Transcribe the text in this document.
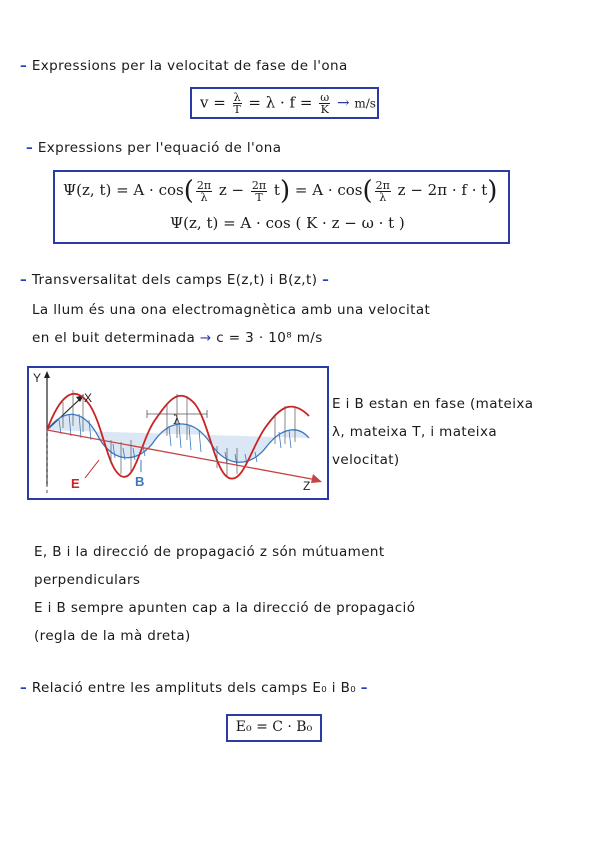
– Expressions per la velocitat de fase de l'ona
$v = \frac{\lambda}{T} = \lambda \cdot f = \frac{\omega}{K} \to m/s$
– Expressions per l'equació de l'ona
Ψ(z, $t) = A \cdot \cos( \frac{2\pi}{\lambda}$ $z - \frac{2\pi}{T} t) = A \cdot \cos( \frac{2\pi}{\lambda}$ z − 2π · f · t)
Ψ(z, t) = A · cos ( K · z − ω · t )
– Transversalitat dels camps E(z,t) i B(z,t) –
La llum és una ona electromagnètica amb una velocitat
en el buit determinada → c = 3 · 10⁸ m/s
Y
X
Z
λ
E	B
E i B estan en fase (mateixa
λ, mateixa T, i mateixa
velocitat)
E, B i la direcció de propagació z són mútuament
perpendiculars
E i B sempre apunten cap a la direcció de propagació
(regla de la mà dreta)
– Relació entre les amplituts dels camps E₀ i B₀ –
E₀ = C · B₀
